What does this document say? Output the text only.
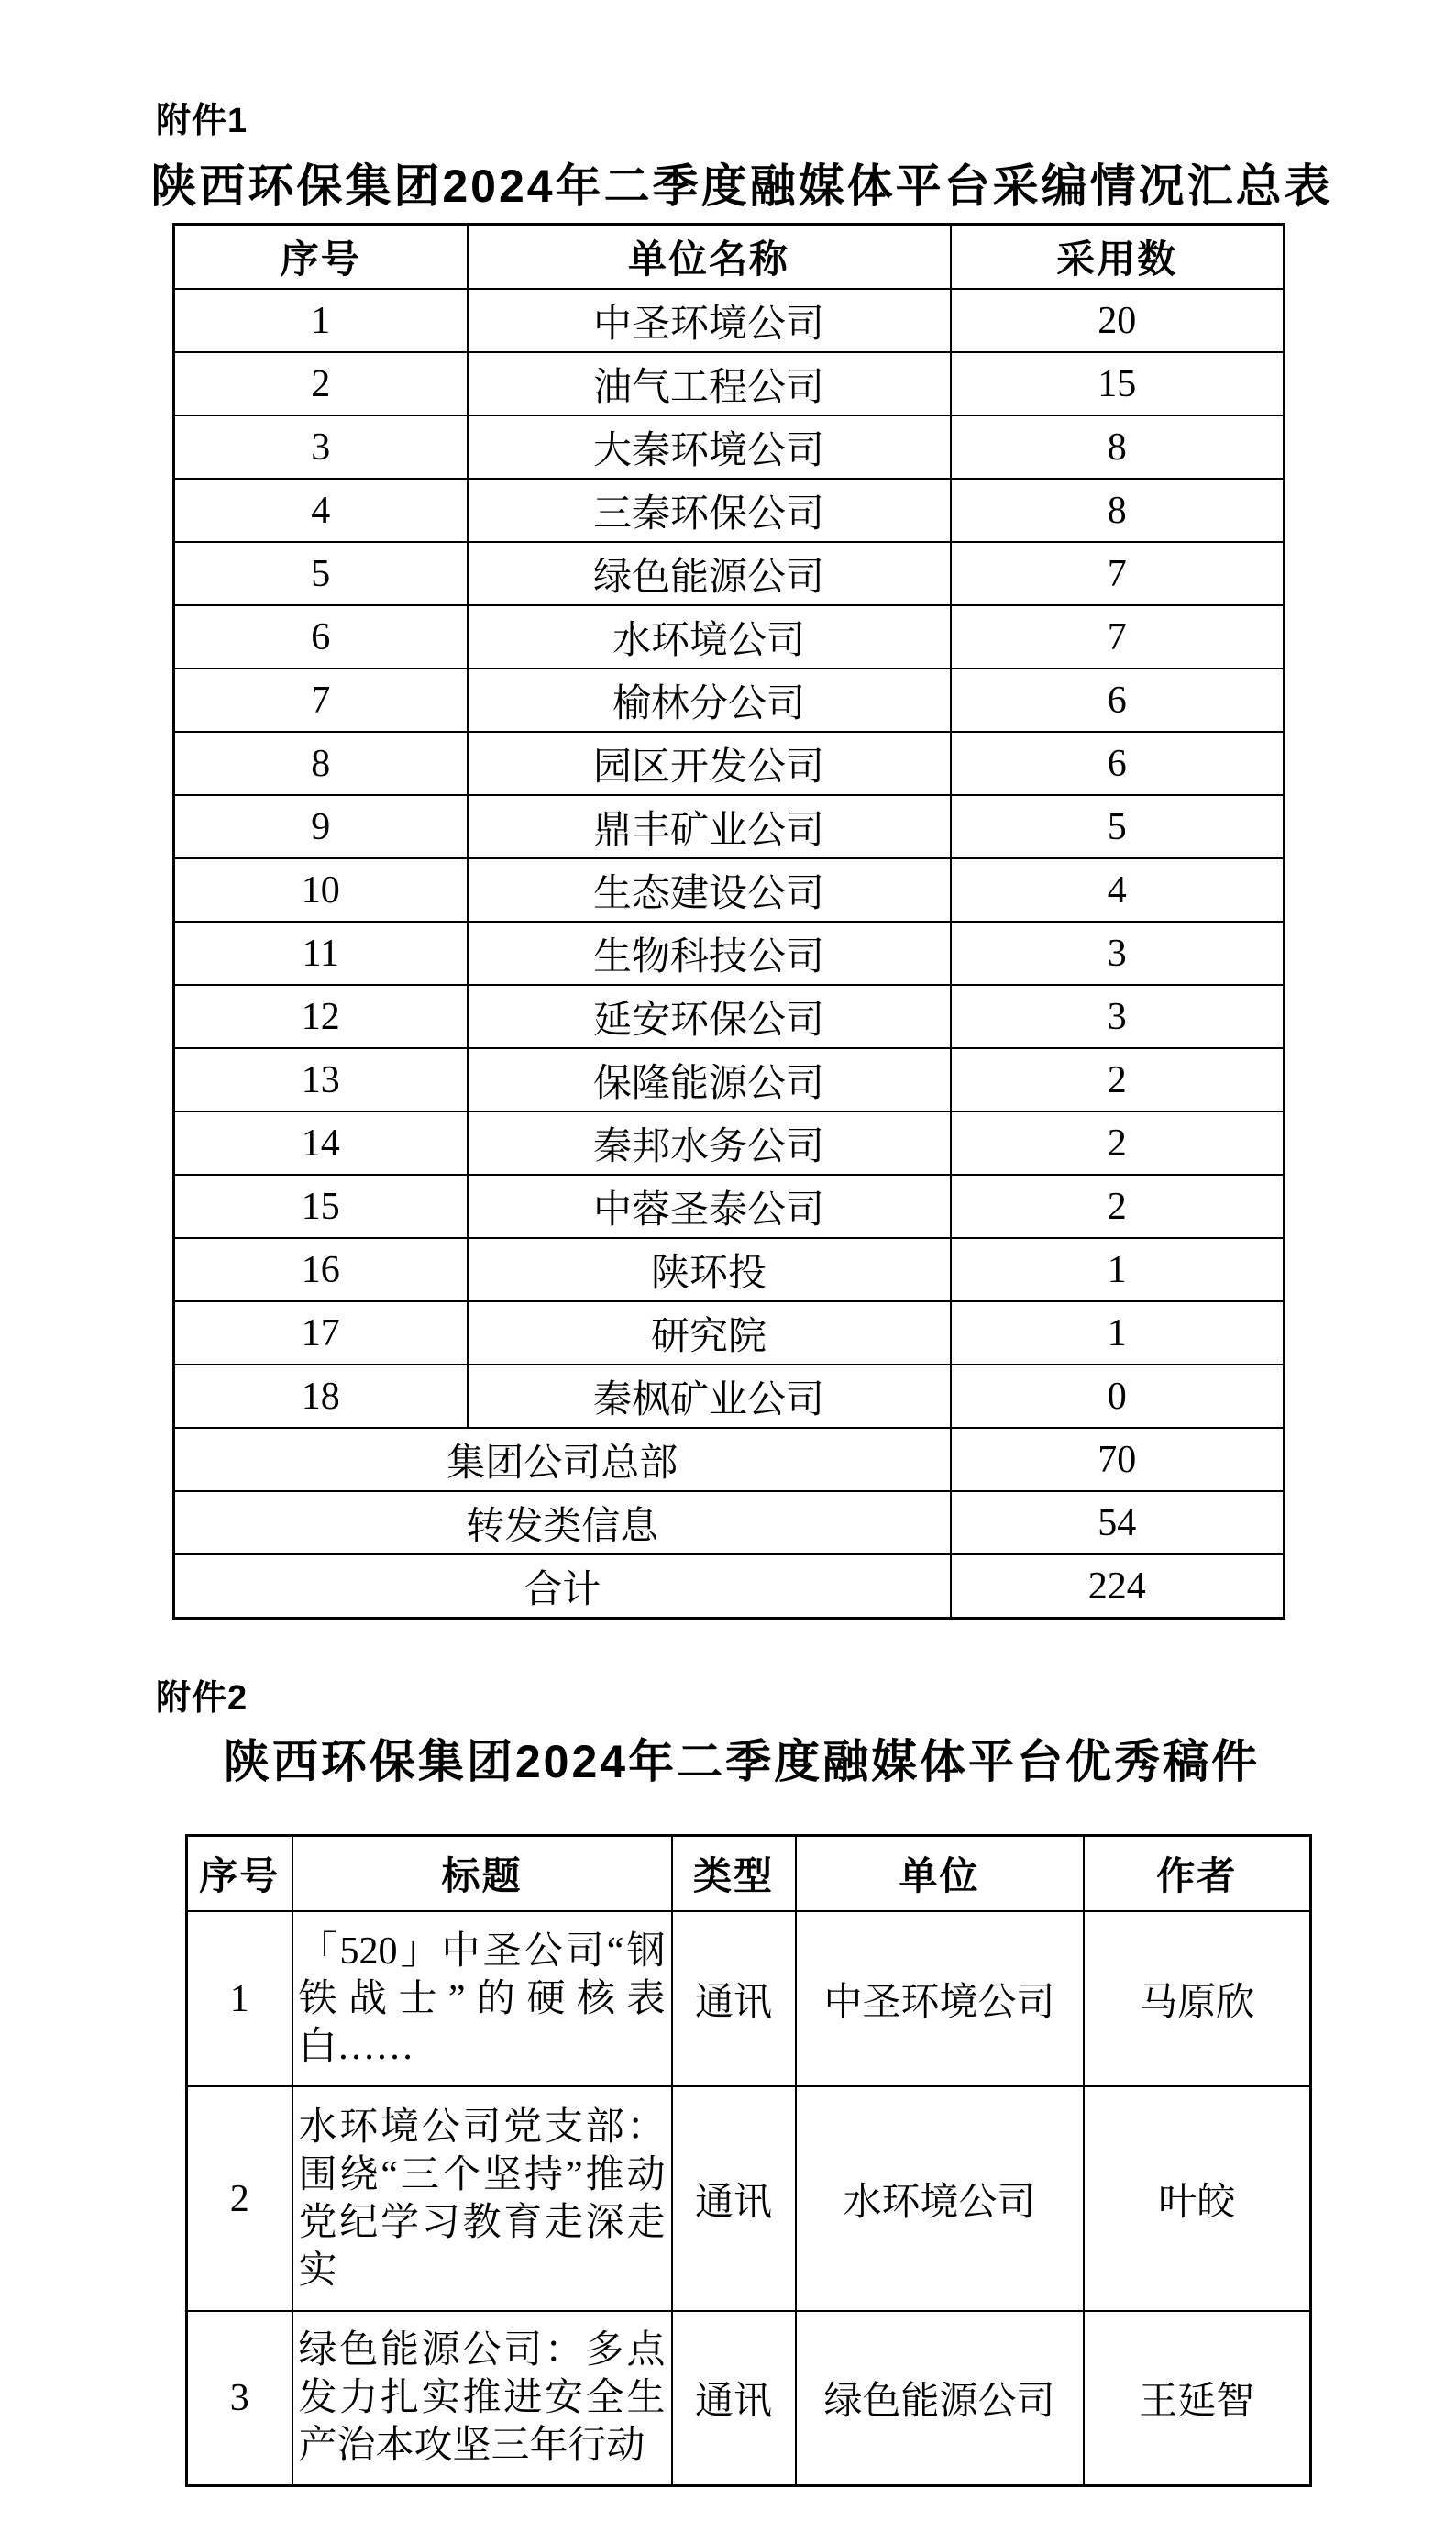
附件1
陕西环保集团2024年二季度融媒体平台采编情况汇总表
序号	单位名称	采用数
1	中圣环境公司	20
2	油气工程公司	15
3	大秦环境公司	8
4	三秦环保公司	8
5	绿色能源公司	7
6	水环境公司	7
7	榆林分公司	6
8	园区开发公司	6
9	鼎丰矿业公司	5
10	生态建设公司	4
11	生物科技公司	3
12	延安环保公司	3
13	保隆能源公司	2
14	秦邦水务公司	2
15	中蓉圣泰公司	2
16	陕环投	1
17	研究院	1
18	秦枫矿业公司	0
集团公司总部		70
转发类信息		54
合计		224
附件2
陕西环保集团2024年二季度融媒体平台优秀稿件
序号	标题	类型	单位	作者
1	「520」中圣公司“钢铁战士”的硬核表白……	通讯	中圣环境公司	马原欣
2	水环境公司党支部：围绕“三个坚持”推动党纪学习教育走深走实	通讯	水环境公司	叶皎
3	绿色能源公司：多点发力扎实推进安全生产治本攻坚三年行动	通讯	绿色能源公司	王延智
